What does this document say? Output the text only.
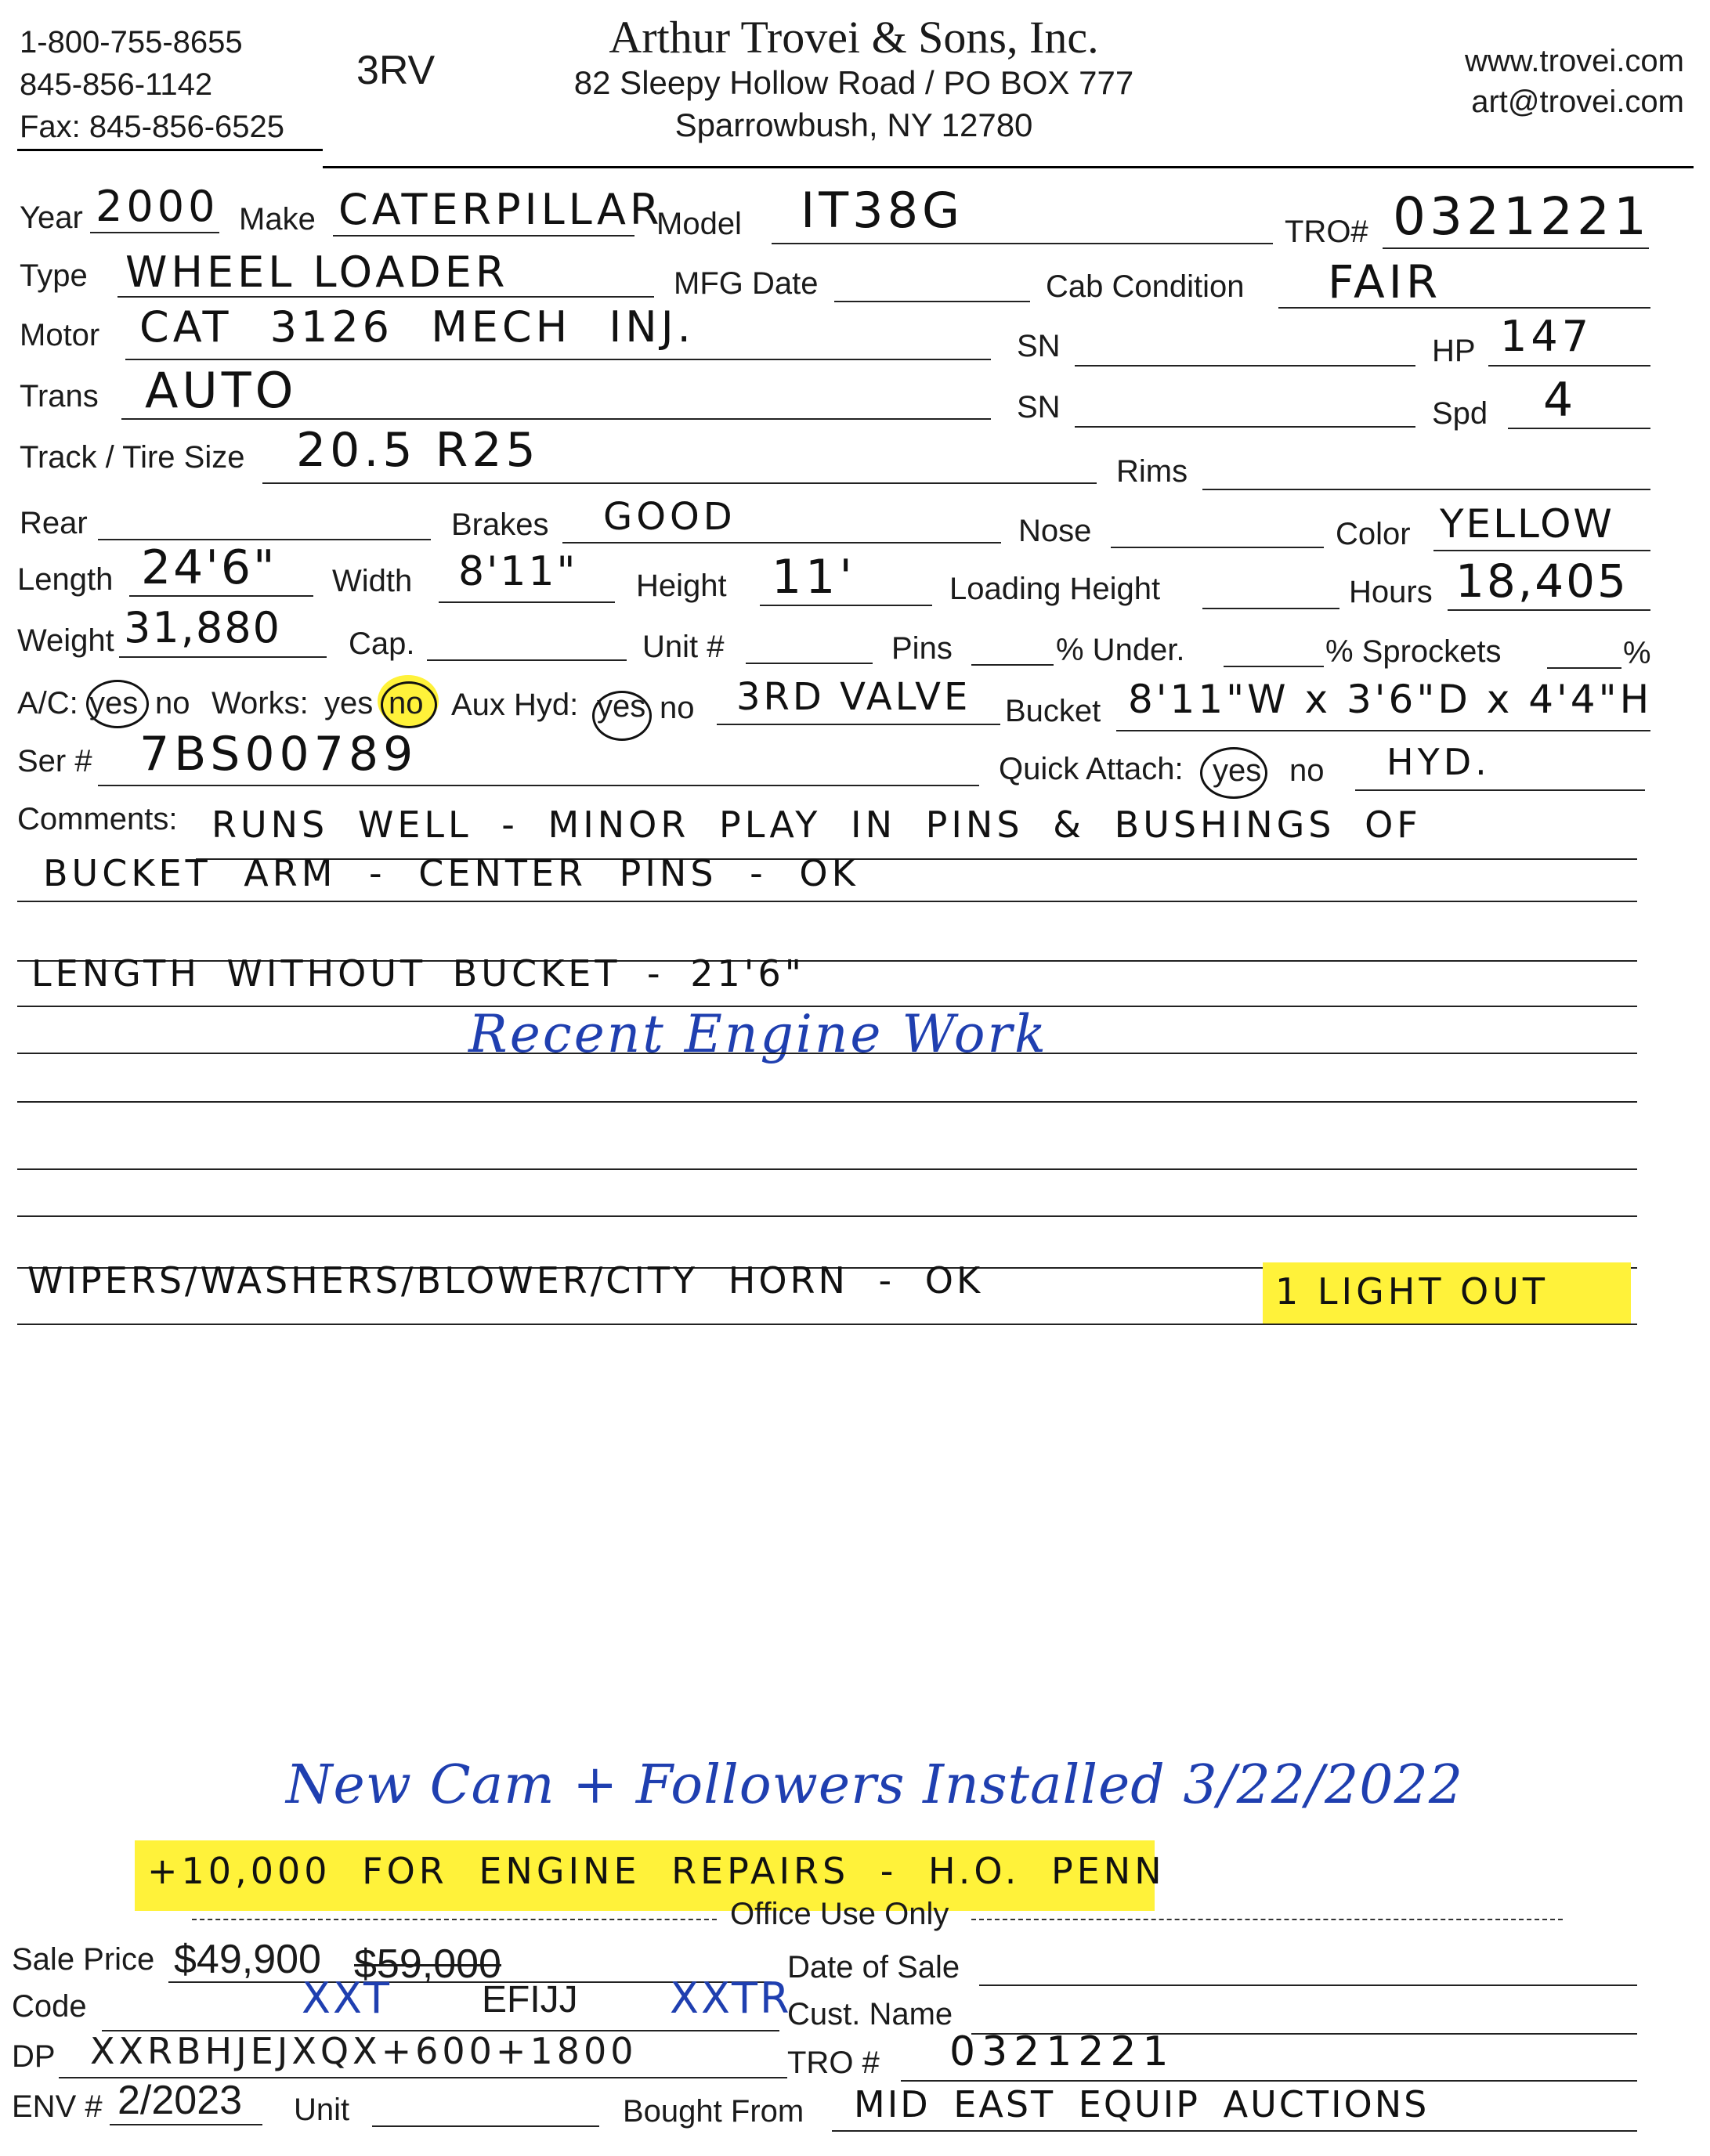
1-800-755-8655
845-856-1142
Fax: 845-856-6525
3RV
Arthur Trovei & Sons, Inc.
82 Sleepy Hollow Road / PO BOX 777
Sparrowbush, NY 12780
www.trovei.com
art@trovei.com
Year 2000 Make CATERPILLAR
Model IT38G	TRO# 0321221
Type WHEEL LOADER	MFG Date	Cab Condition FAIR
Motor CAT 3126 MECH INJ.	SN	HP 147
Trans AUTO	SN	Spd 4
Track / Tire Size 20.5 R25	Rims
Rear	Brakes GOOD	Nose	Color YELLOW
Length 24'6" Width 8'11" Height 11'	Loading Height	Hours 18,405
Weight 31,880 Cap.	Unit #	Pins	% Under.	% Sprockets	%
A/C: yes no Works: yes no Aux Hyd: yes no 3RD VALVE Bucket 8'11"W x 3'6"D x 4'4"H
Ser # 7BS00789	Quick Attach: yes no HYD.
Comments: RUNS WELL - MINOR PLAY IN PINS & BUSHINGS OF
BUCKET ARM - CENTER PINS - OK
LENGTH WITHOUT BUCKET - 21'6"
Recent Engine Work
WIPERS/WASHERS/BLOWER/CITY HORN - OK	1 LIGHT OUT
New Cam + Followers Installed 3/22/2022
+10,000 FOR ENGINE REPAIRS - H.O. PENN
Office Use Only
Sale Price $49,900 $59,000	Date of Sale
Code	XXT EFIJJ XXTR
Cust. Name
DP XXRBHJEJXQX+600+1800	TRO # 0321221
ENV # 2/2023 Unit	Bought From MID EAST EQUIP AUCTIONS
